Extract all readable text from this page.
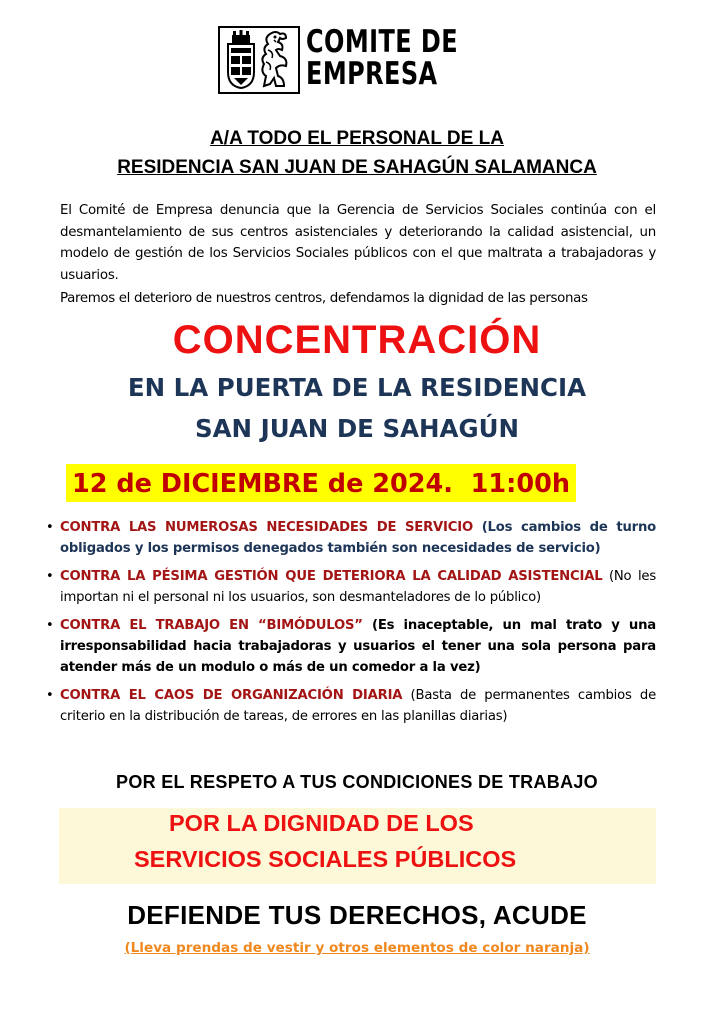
COMITE DE
EMPRESA
A/A TODO EL PERSONAL DE LA
RESIDENCIA SAN JUAN DE SAHAGÚN SALAMANCA
El Comité de Empresa denuncia que la Gerencia de Servicios Sociales continúa con el desmantelamiento de sus centros asistenciales y deteriorando la calidad asistencial, un modelo de gestión de los Servicios Sociales públicos con el que maltrata a trabajadoras y usuarios.
Paremos el deterioro de nuestros centros, defendamos la dignidad de las personas
CONCENTRACIÓN
EN LA PUERTA DE LA RESIDENCIA
SAN JUAN DE SAHAGÚN
12 de DICIEMBRE de 2024.  11:00h
• CONTRA LAS NUMEROSAS NECESIDADES DE SERVICIO (Los cambios de turno obligados y los permisos denegados también son necesidades de servicio)
• CONTRA LA PÉSIMA GESTIÓN QUE DETERIORA LA CALIDAD ASISTENCIAL (No les importan ni el personal ni los usuarios, son desmanteladores de lo público)
• CONTRA EL TRABAJO EN “BIMÓDULOS” (Es inaceptable, un mal trato y una irresponsabilidad hacia trabajadoras y usuarios el tener una sola persona para atender más de un modulo o más de un comedor a la vez)
• CONTRA EL CAOS DE ORGANIZACIÓN DIARIA (Basta de permanentes cambios de criterio en la distribución de tareas, de errores en las planillas diarias)
POR EL RESPETO A TUS CONDICIONES DE TRABAJO
POR LA DIGNIDAD DE LOS
SERVICIOS SOCIALES PÚBLICOS
DEFIENDE TUS DERECHOS, ACUDE
(Lleva prendas de vestir y otros elementos de color naranja)
